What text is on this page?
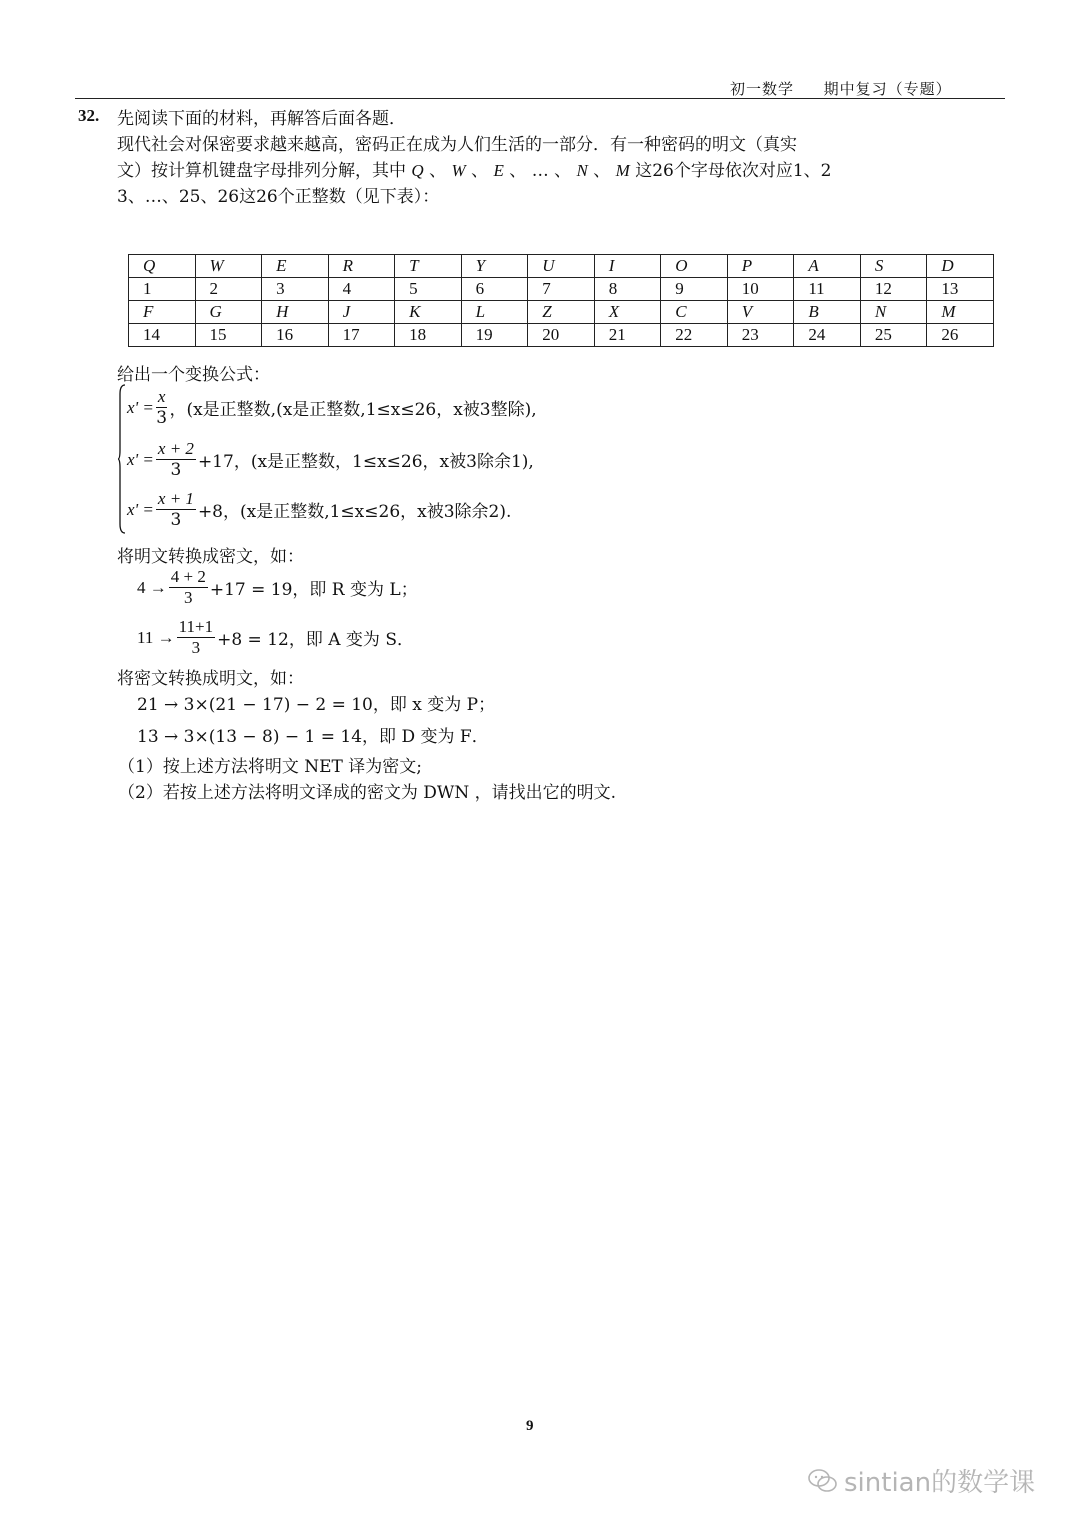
初一数学 期中复习（专题）
32. 先阅读下面的材料，再解答后面各题．
现代社会对保密要求越来越高，密码正在成为人们生活的一部分．有一种密码的明文（真实
文）按计算机键盘字母排列分解，其中 Q 、 W 、 E 、 … 、 N 、 M 这26个字母依次对应1、2
3、…、25、26这26个正整数（见下表）：
Q	W	E	R	T	Y	U	I	O	P	A	S	D
1	2	3	4	5	6	7	8	9	10	11	12	13
F	G	H	J	K	L	Z	X	C	V	B	N	M
14	15	16	17	18	19	20	21	22	23	24	25	26
给出一个变换公式：
$x' = \frac{x}{3}$ ，(x是正整数,(x是正整数,1≤x≤26，x被3整除),
$x' = \frac{x + 2}{3} +17$，(x是正整数，1≤x≤26，x被3除余1),
$x' = \frac{x + 1}{3} +8$，(x是正整数,1≤x≤26，x被3除余2).
将明文转换成密文，如：
$4 \to \frac{4 + 2}{3} +17 = 19$，即 R 变为 L；
$11 \to \frac{11+1}{3} +8 = 12$，即 A 变为 S．
将密文转换成明文，如：
21 → 3×(21 − 17) − 2 = 10，即 x 变为 P；
13 → 3×(13 − 8) − 1 = 14，即 D 变为 F．
（1）按上述方法将明文 NET 译为密文;
（2）若按上述方法将明文译成的密文为 DWN ，请找出它的明文.
9
sintian的数学课
